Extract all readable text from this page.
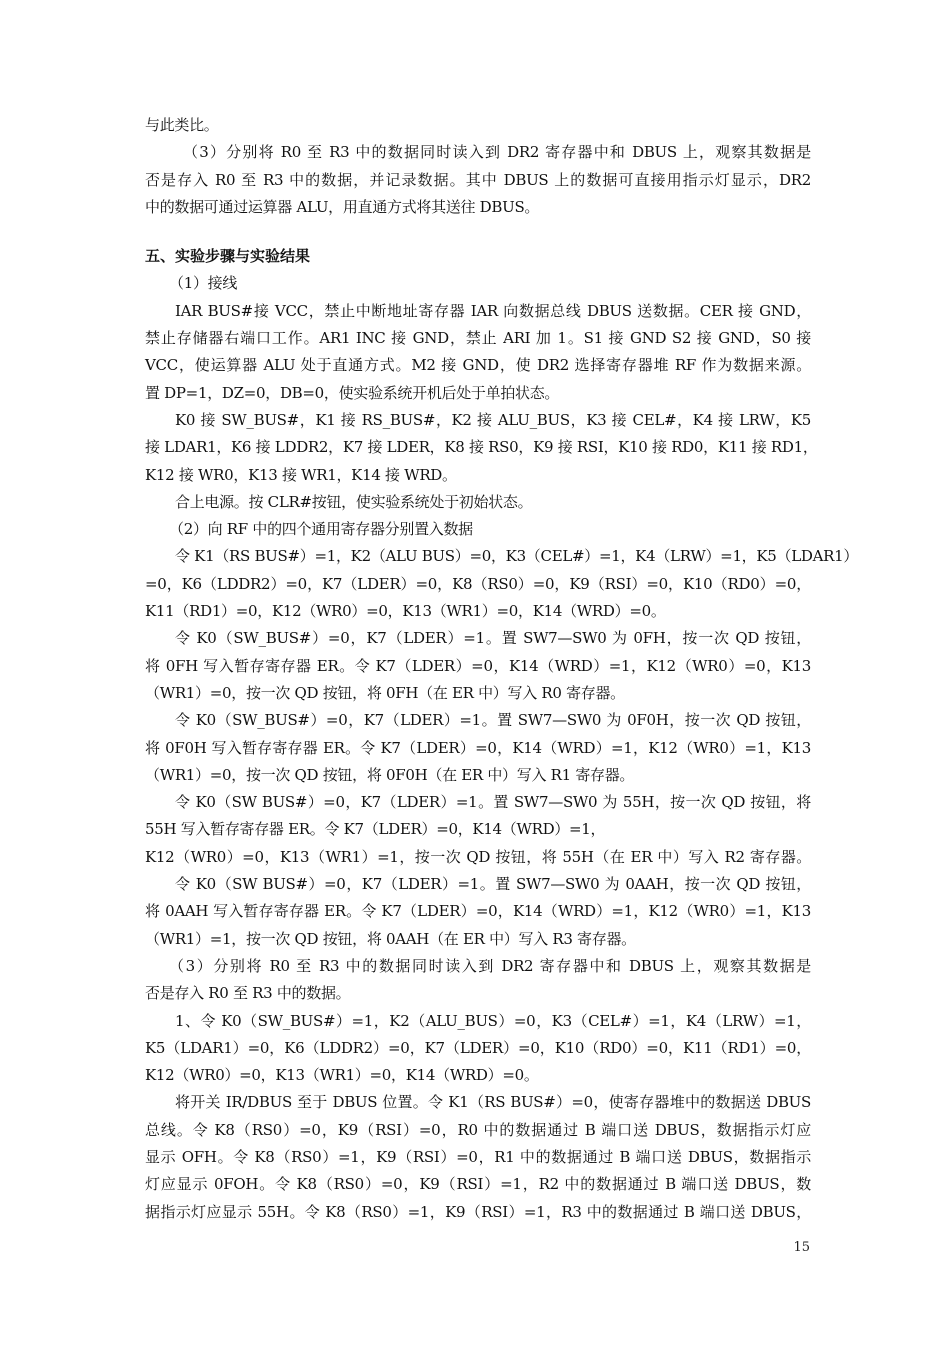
与此类比。

（3）分别将 R0 至 R3 中的数据同时读入到 DR2 寄存器中和 DBUS 上，观察其数据是

否是存入 R0 至 R3 中的数据，并记录数据。其中 DBUS 上的数据可直接用指示灯显示，DR2

中的数据可通过运算器 ALU，用直通方式将其送往 DBUS。

五、实验步骤与实验结果

（1）接线

IAR BUS#接 VCC，禁止中断地址寄存器 IAR 向数据总线 DBUS 送数据。CER 接 GND，

禁止存储器右端口工作。AR1 INC 接 GND，禁止 ARI 加 1。S1 接 GND S2 接 GND，S0 接

VCC，使运算器 ALU 处于直通方式。M2 接 GND，使 DR2 选择寄存器堆 RF 作为数据来源。

置 DP=1，DZ=0，DB=0，使实验系统开机后处于单拍状态。

K0 接 SW_BUS#，K1 接 RS_BUS#，K2 接 ALU_BUS，K3 接 CEL#，K4 接 LRW，K5

接 LDAR1，K6 接 LDDR2，K7 接 LDER，K8 接 RS0，K9 接 RSI，K10 接 RD0，K11 接 RD1，

K12 接 WR0，K13 接 WR1，K14 接 WRD。

合上电源。按 CLR#按钮，使实验系统处于初始状态。

（2）向 RF 中的四个通用寄存器分别置入数据

令 K1（RS BUS#）=1，K2（ALU BUS）=0，K3（CEL#）=1，K4（LRW）=1，K5（LDAR1）

=0，K6（LDDR2）=0，K7（LDER）=0，K8（RS0）=0，K9（RSI）=0，K10（RD0）=0，

K11（RD1）=0，K12（WR0）=0，K13（WR1）=0，K14（WRD）=0。

令 K0（SW_BUS#）=0，K7（LDER）=1。置 SW7—SW0 为 0FH，按一次 QD 按钮，

将 0FH 写入暂存寄存器 ER。令 K7（LDER）=0，K14（WRD）=1，K12（WR0）=0，K13

（WR1）=0，按一次 QD 按钮，将 0FH（在 ER 中）写入 R0 寄存器。

令 K0（SW_BUS#）=0，K7（LDER）=1。置 SW7—SW0 为 0F0H，按一次 QD 按钮，

将 0F0H 写入暂存寄存器 ER。令 K7（LDER）=0，K14（WRD）=1，K12（WR0）=1，K13

（WR1）=0，按一次 QD 按钮，将 0F0H（在 ER 中）写入 R1 寄存器。

令 K0（SW BUS#）=0，K7（LDER）=1。置 SW7—SW0 为 55H，按一次 QD 按钮，将

55H 写入暂存寄存器 ER。令 K7（LDER）=0，K14（WRD）=1，

K12（WR0）=0，K13（WR1）=1，按一次 QD 按钮，将 55H（在 ER 中）写入 R2 寄存器。

令 K0（SW BUS#）=0，K7（LDER）=1。置 SW7—SW0 为 0AAH，按一次 QD 按钮，

将 0AAH 写入暂存寄存器 ER。令 K7（LDER）=0，K14（WRD）=1，K12（WR0）=1，K13

（WR1）=1，按一次 QD 按钮，将 0AAH（在 ER 中）写入 R3 寄存器。

（3）分别将 R0 至 R3 中的数据同时读入到 DR2 寄存器中和 DBUS 上，观察其数据是

否是存入 R0 至 R3 中的数据。

1、令 K0（SW_BUS#）=1，K2（ALU_BUS）=0，K3（CEL#）=1，K4（LRW）=1，

K5（LDAR1）=0，K6（LDDR2）=0，K7（LDER）=0，K10（RD0）=0，K11（RD1）=0，

K12（WR0）=0，K13（WR1）=0，K14（WRD）=0。

将开关 IR/DBUS 至于 DBUS 位置。令 K1（RS BUS#）=0，使寄存器堆中的数据送 DBUS

总线。令 K8（RS0）=0，K9（RSI）=0，R0 中的数据通过 B 端口送 DBUS，数据指示灯应

显示 OFH。令 K8（RS0）=1，K9（RSI）=0，R1 中的数据通过 B 端口送 DBUS，数据指示

灯应显示 0FOH。令 K8（RS0）=0，K9（RSI）=1，R2 中的数据通过 B 端口送 DBUS，数

据指示灯应显示 55H。令 K8（RS0）=1，K9（RSI）=1，R3 中的数据通过 B 端口送 DBUS，

15
